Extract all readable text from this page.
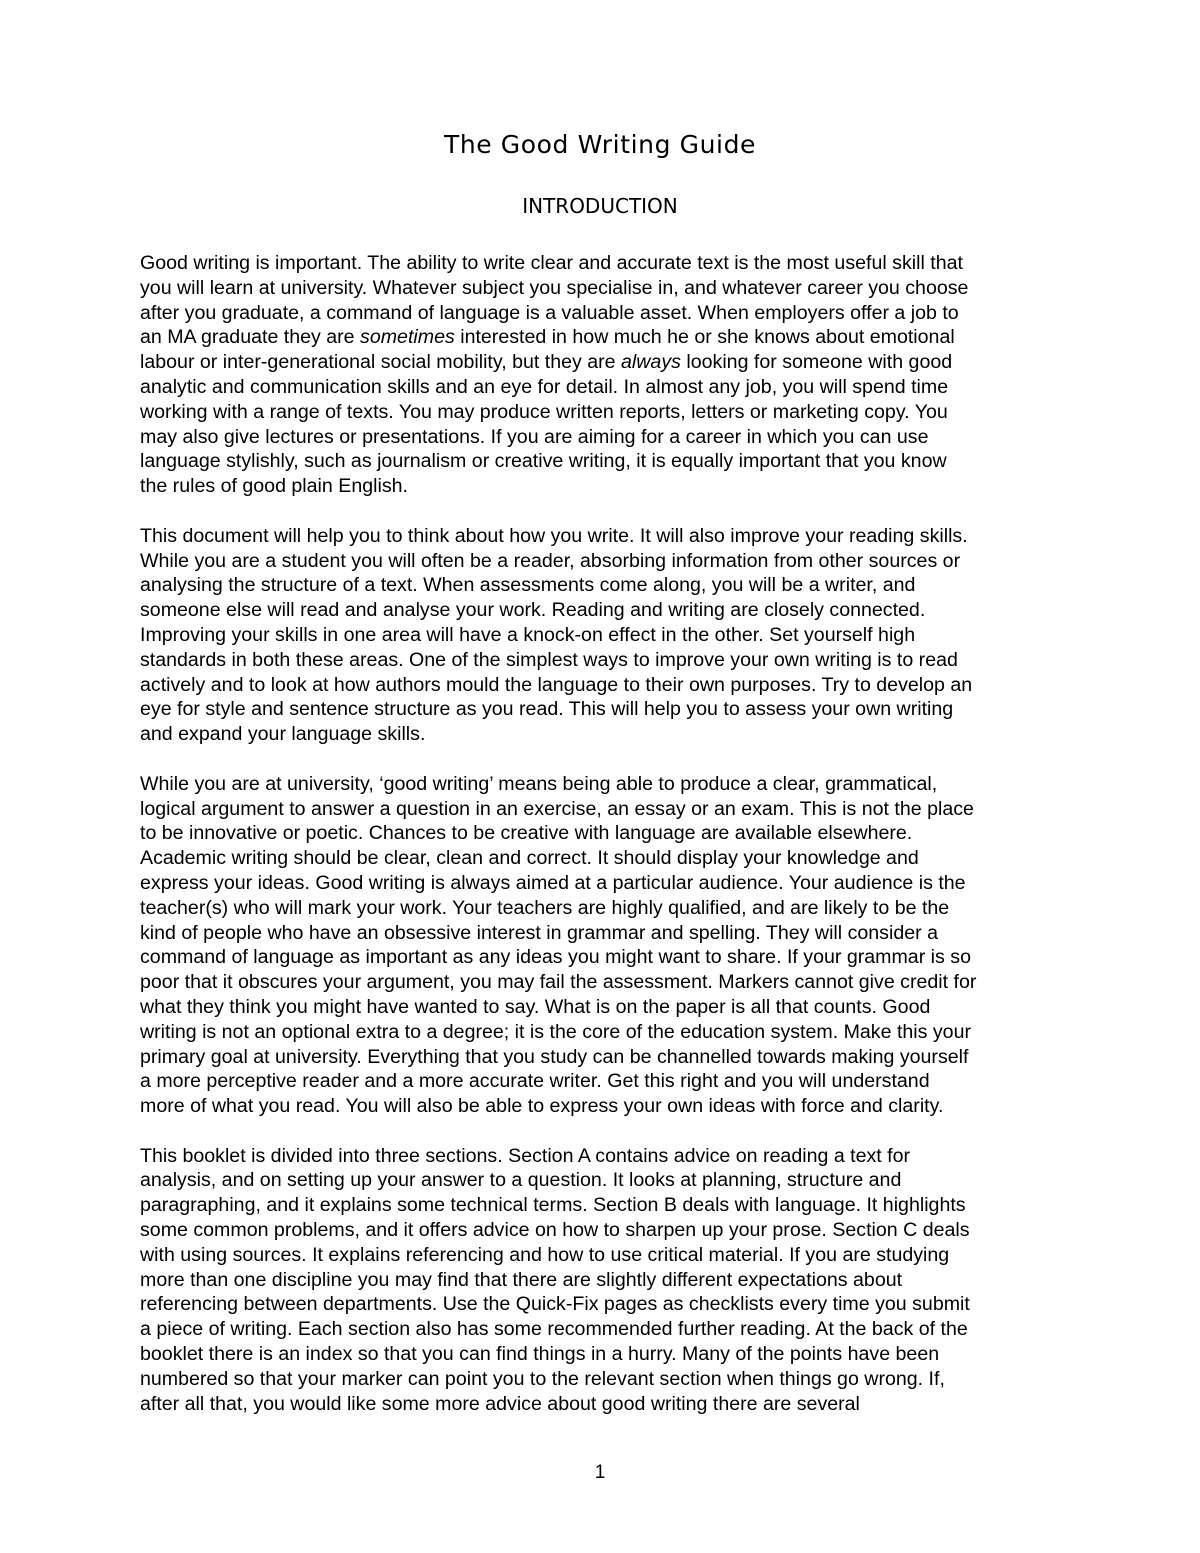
The Good Writing Guide
INTRODUCTION
Good writing is important. The ability to write clear and accurate text is the most useful skill that
you will learn at university. Whatever subject you specialise in, and whatever career you choose
after you graduate, a command of language is a valuable asset. When employers offer a job to
an MA graduate they are sometimes interested in how much he or she knows about emotional
labour or inter-generational social mobility, but they are always looking for someone with good
analytic and communication skills and an eye for detail. In almost any job, you will spend time
working with a range of texts. You may produce written reports, letters or marketing copy. You
may also give lectures or presentations. If you are aiming for a career in which you can use
language stylishly, such as journalism or creative writing, it is equally important that you know
the rules of good plain English.
This document will help you to think about how you write. It will also improve your reading skills.
While you are a student you will often be a reader, absorbing information from other sources or
analysing the structure of a text. When assessments come along, you will be a writer, and
someone else will read and analyse your work. Reading and writing are closely connected.
Improving your skills in one area will have a knock-on effect in the other. Set yourself high
standards in both these areas. One of the simplest ways to improve your own writing is to read
actively and to look at how authors mould the language to their own purposes. Try to develop an
eye for style and sentence structure as you read. This will help you to assess your own writing
and expand your language skills.
While you are at university, ‘good writing’ means being able to produce a clear, grammatical,
logical argument to answer a question in an exercise, an essay or an exam. This is not the place
to be innovative or poetic. Chances to be creative with language are available elsewhere.
Academic writing should be clear, clean and correct. It should display your knowledge and
express your ideas. Good writing is always aimed at a particular audience. Your audience is the
teacher(s) who will mark your work. Your teachers are highly qualified, and are likely to be the
kind of people who have an obsessive interest in grammar and spelling. They will consider a
command of language as important as any ideas you might want to share. If your grammar is so
poor that it obscures your argument, you may fail the assessment. Markers cannot give credit for
what they think you might have wanted to say. What is on the paper is all that counts. Good
writing is not an optional extra to a degree; it is the core of the education system. Make this your
primary goal at university. Everything that you study can be channelled towards making yourself
a more perceptive reader and a more accurate writer. Get this right and you will understand
more of what you read. You will also be able to express your own ideas with force and clarity.
This booklet is divided into three sections. Section A contains advice on reading a text for
analysis, and on setting up your answer to a question. It looks at planning, structure and
paragraphing, and it explains some technical terms. Section B deals with language. It highlights
some common problems, and it offers advice on how to sharpen up your prose. Section C deals
with using sources. It explains referencing and how to use critical material. If you are studying
more than one discipline you may find that there are slightly different expectations about
referencing between departments. Use the Quick-Fix pages as checklists every time you submit
a piece of writing. Each section also has some recommended further reading. At the back of the
booklet there is an index so that you can find things in a hurry. Many of the points have been
numbered so that your marker can point you to the relevant section when things go wrong. If,
after all that, you would like some more advice about good writing there are several
1
